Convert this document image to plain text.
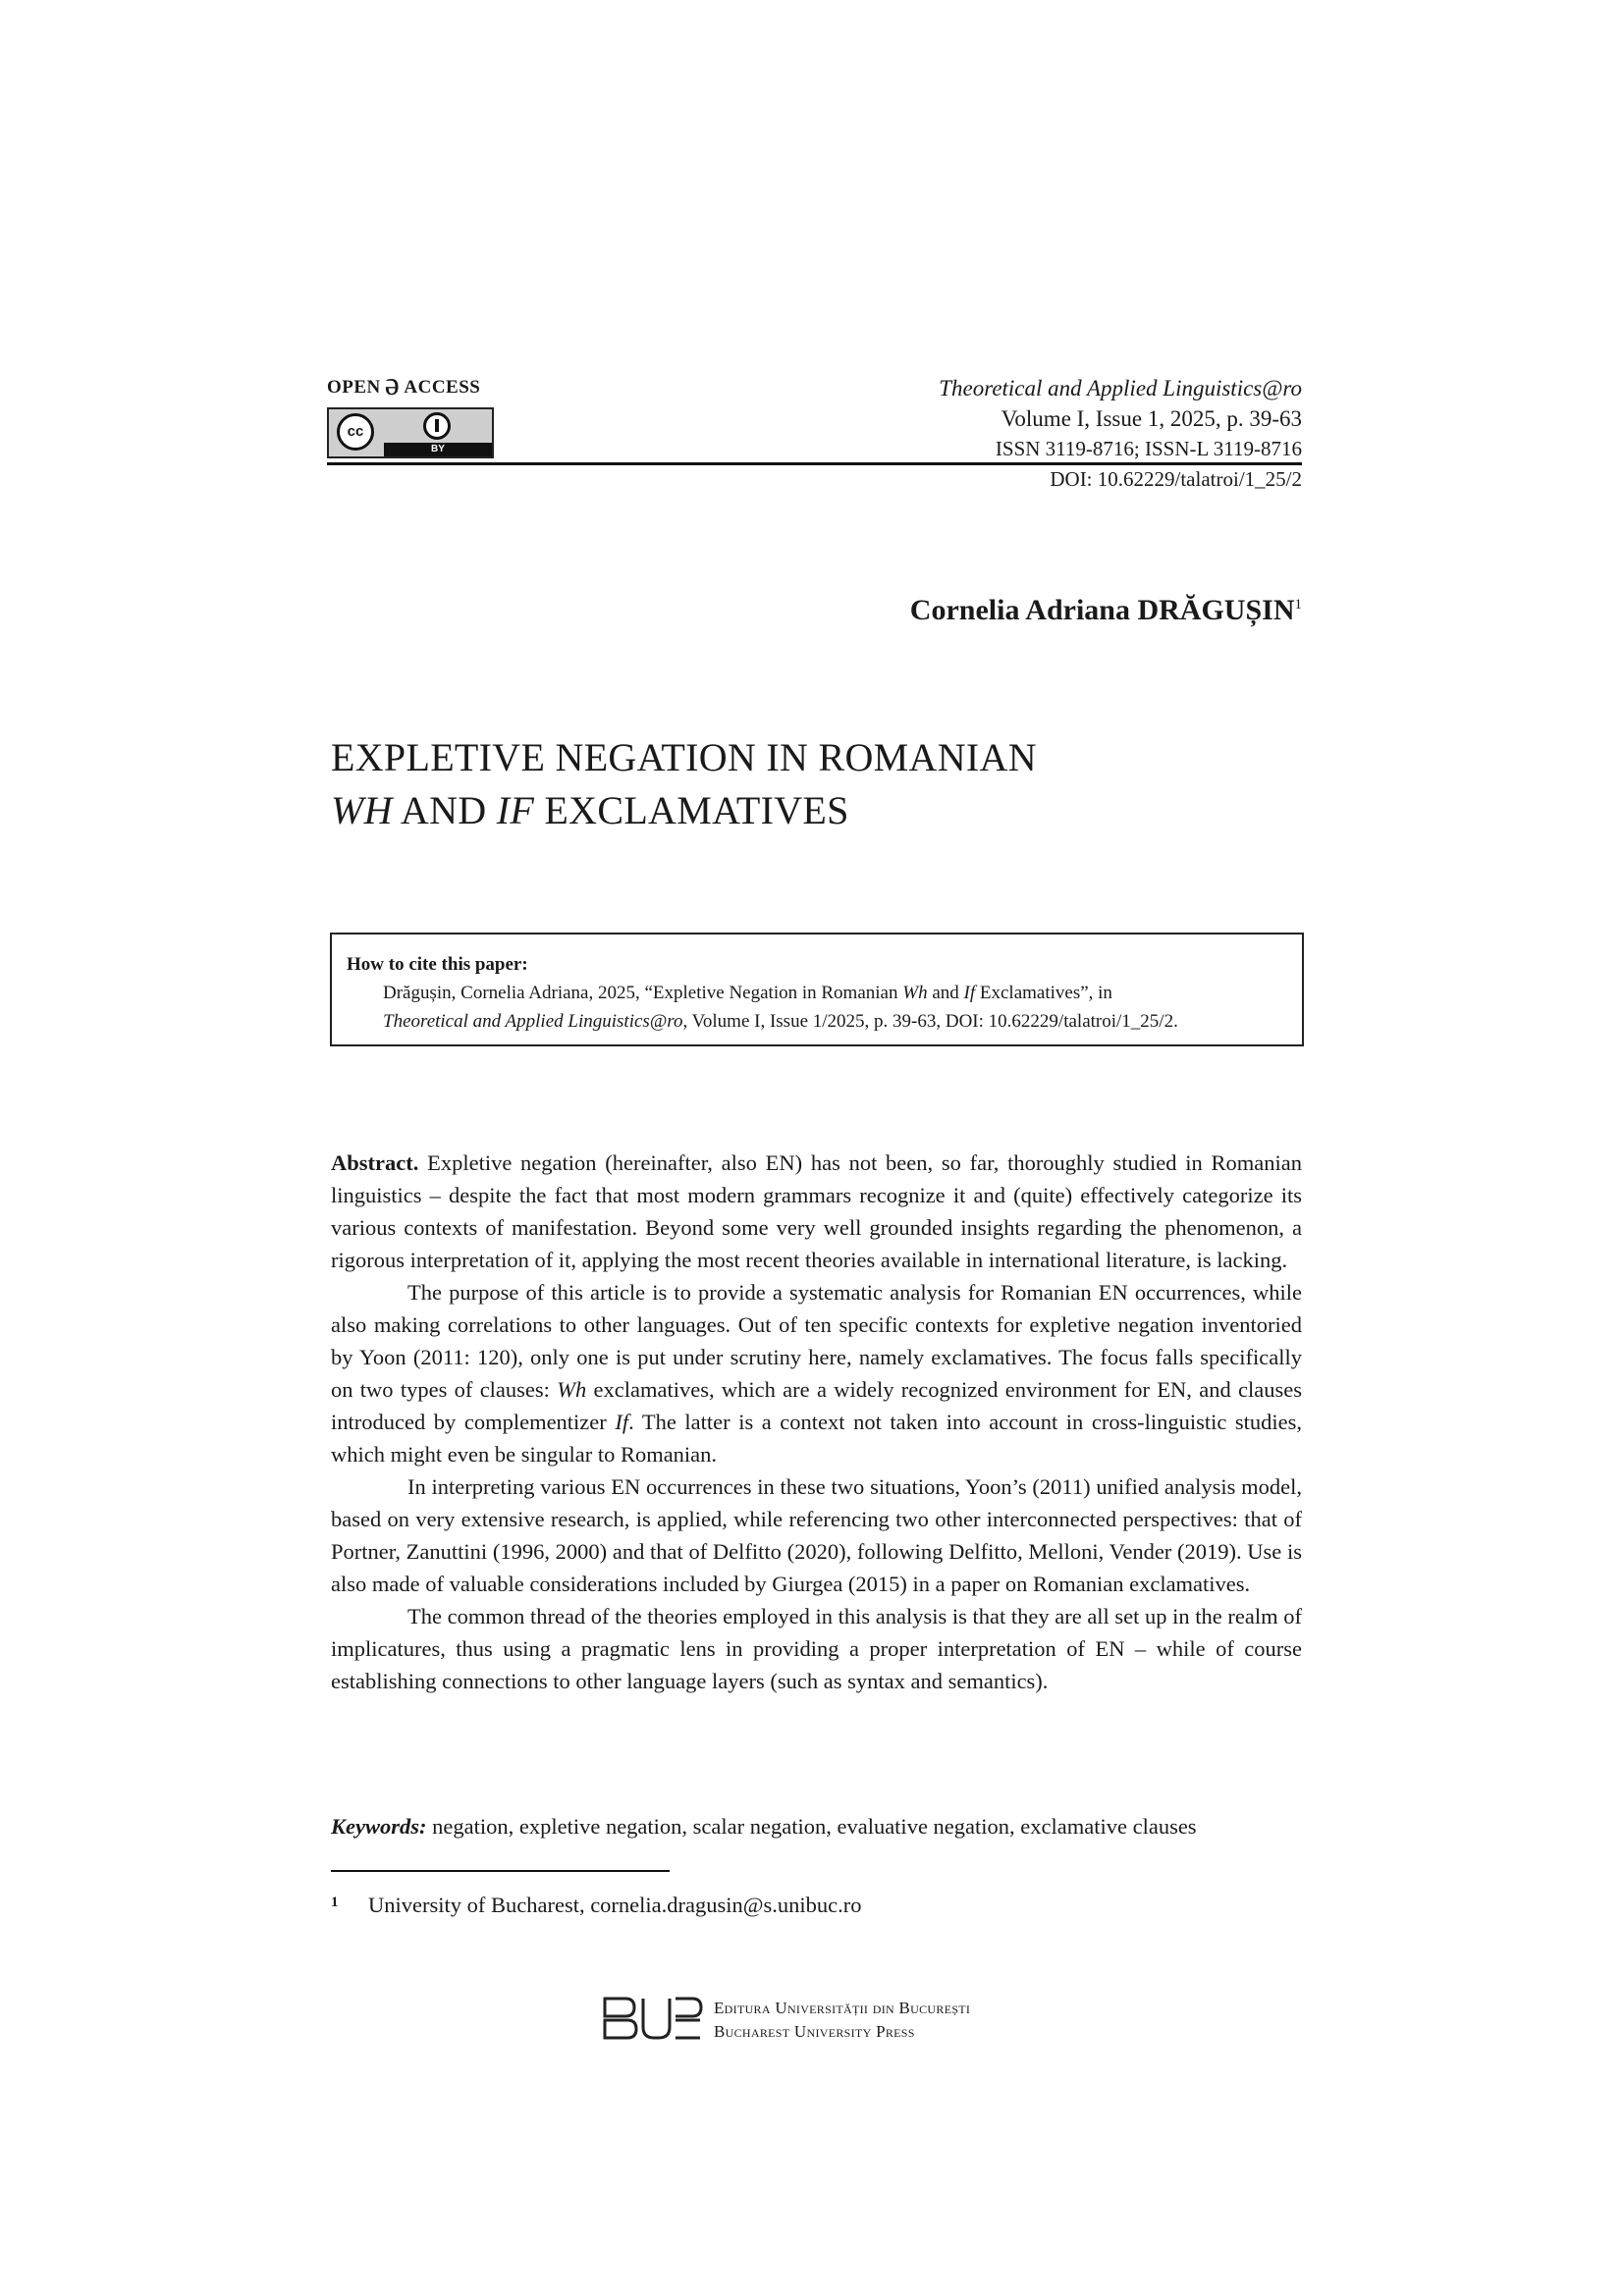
OPEN ə ACCESS
cc
BY
Theoretical and Applied Linguistics@ro
Volume I, Issue 1, 2025, p. 39-63
ISSN 3119-8716; ISSN-L 3119-8716
DOI: 10.62229/talatroi/1_25/2
Cornelia Adriana DRĂGUȘIN$^1$
EXPLETIVE NEGATION IN ROMANIAN
WH AND IF EXCLAMATIVES
How to cite this paper:
Drăgușin, Cornelia Adriana, 2025, “Expletive Negation in Romanian Wh and If Exclamatives”, in
Theoretical and Applied Linguistics@ro, Volume I, Issue 1/2025, p. 39-63, DOI: 10.62229/talatroi/1_25/2.

Abstract. Expletive negation (hereinafter, also EN) has not been, so far, thoroughly studied in Romanian linguistics – despite the fact that most modern grammars recognize it and (quite) effectively categorize its various contexts of manifestation. Beyond some very well grounded insights regarding the phenomenon, a rigorous interpretation of it, applying the most recent theories available in international literature, is lacking.

The purpose of this article is to provide a systematic analysis for Romanian EN occurrences, while also making correlations to other languages. Out of ten specific contexts for expletive negation inventoried by Yoon (2011: 120), only one is put under scrutiny here, namely exclamatives. The focus falls specifically on two types of clauses: Wh exclamatives, which are a widely recognized environment for EN, and clauses introduced by complementizer If. The latter is a context not taken into account in cross-linguistic studies, which might even be singular to Romanian.

In interpreting various EN occurrences in these two situations, Yoon’s (2011) unified analysis model, based on very extensive research, is applied, while referencing two other interconnected perspectives: that of Portner, Zanuttini (1996, 2000) and that of Delfitto (2020), following Delfitto, Melloni, Vender (2019). Use is also made of valuable considerations included by Giurgea (2015) in a paper on Romanian exclamatives.

The common thread of the theories employed in this analysis is that they are all set up in the realm of implicatures, thus using a pragmatic lens in providing a proper interpretation of EN – while of course establishing connections to other language layers (such as syntax and semantics).

Keywords: negation, expletive negation, scalar negation, evaluative negation, exclamative clauses
1 University of Bucharest, cornelia.dragusin@s.unibuc.ro
Editura Universității din București
Bucharest University Press
